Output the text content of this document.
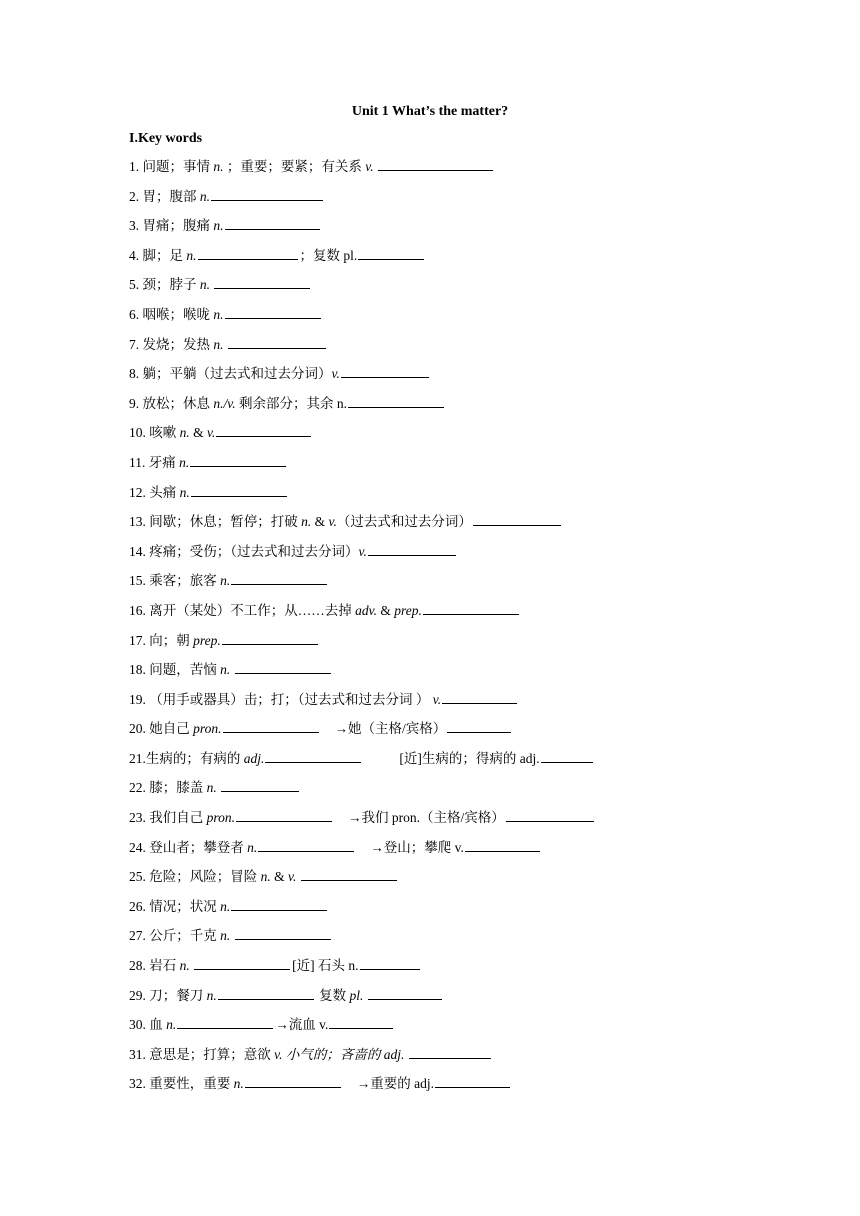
Unit 1 What’s the matter?
I.Key words
1. 问题；事情 n. ；重要；要紧；有关系 v.
2. 胃；腹部 n.
3. 胃痛；腹痛 n.
4. 脚；足 n.	；复数 pl.
5. 颈；脖子 n.
6. 咽喉；喉咙 n.
7. 发烧；发热 n.
8. 躺；平躺（过去式和过去分词）v.
9. 放松；休息 n./v. 剩余部分；其余 n.
10. 咳嗽 n. & v.
11. 牙痛 n.
12. 头痛 n.
13. 间歇；休息；暂停；打破 n. & v.（过去式和过去分词）
14. 疼痛；受伤；（过去式和过去分词）v.
15. 乘客；旅客 n.
16. 离开（某处）不工作；从……去掉 adv. & prep.
17. 向；朝 prep.
18. 问题，苦恼 n.
19. （用手或器具）击；打；（过去式和过去分词 ） v.
20. 她自己 pron.	→她（主格/宾格）
21.生病的；有病的 adj.	[近]生病的；得病的 adj.
22. 膝；膝盖 n.
23. 我们自己 pron.	→我们 pron.（主格/宾格）
24. 登山者；攀登者 n.	→登山；攀爬 v.
25. 危险；风险；冒险 n. & v.
26. 情况；状况 n.
27. 公斤；千克 n.
28. 岩石 n.	[近] 石头 n.
29. 刀；餐刀 n.	复数 pl.
30. 血 n.	→流血 v.
31. 意思是；打算；意欲 v. 小气的；吝啬的 adj.
32. 重要性，重要 n.	→重要的 adj.
